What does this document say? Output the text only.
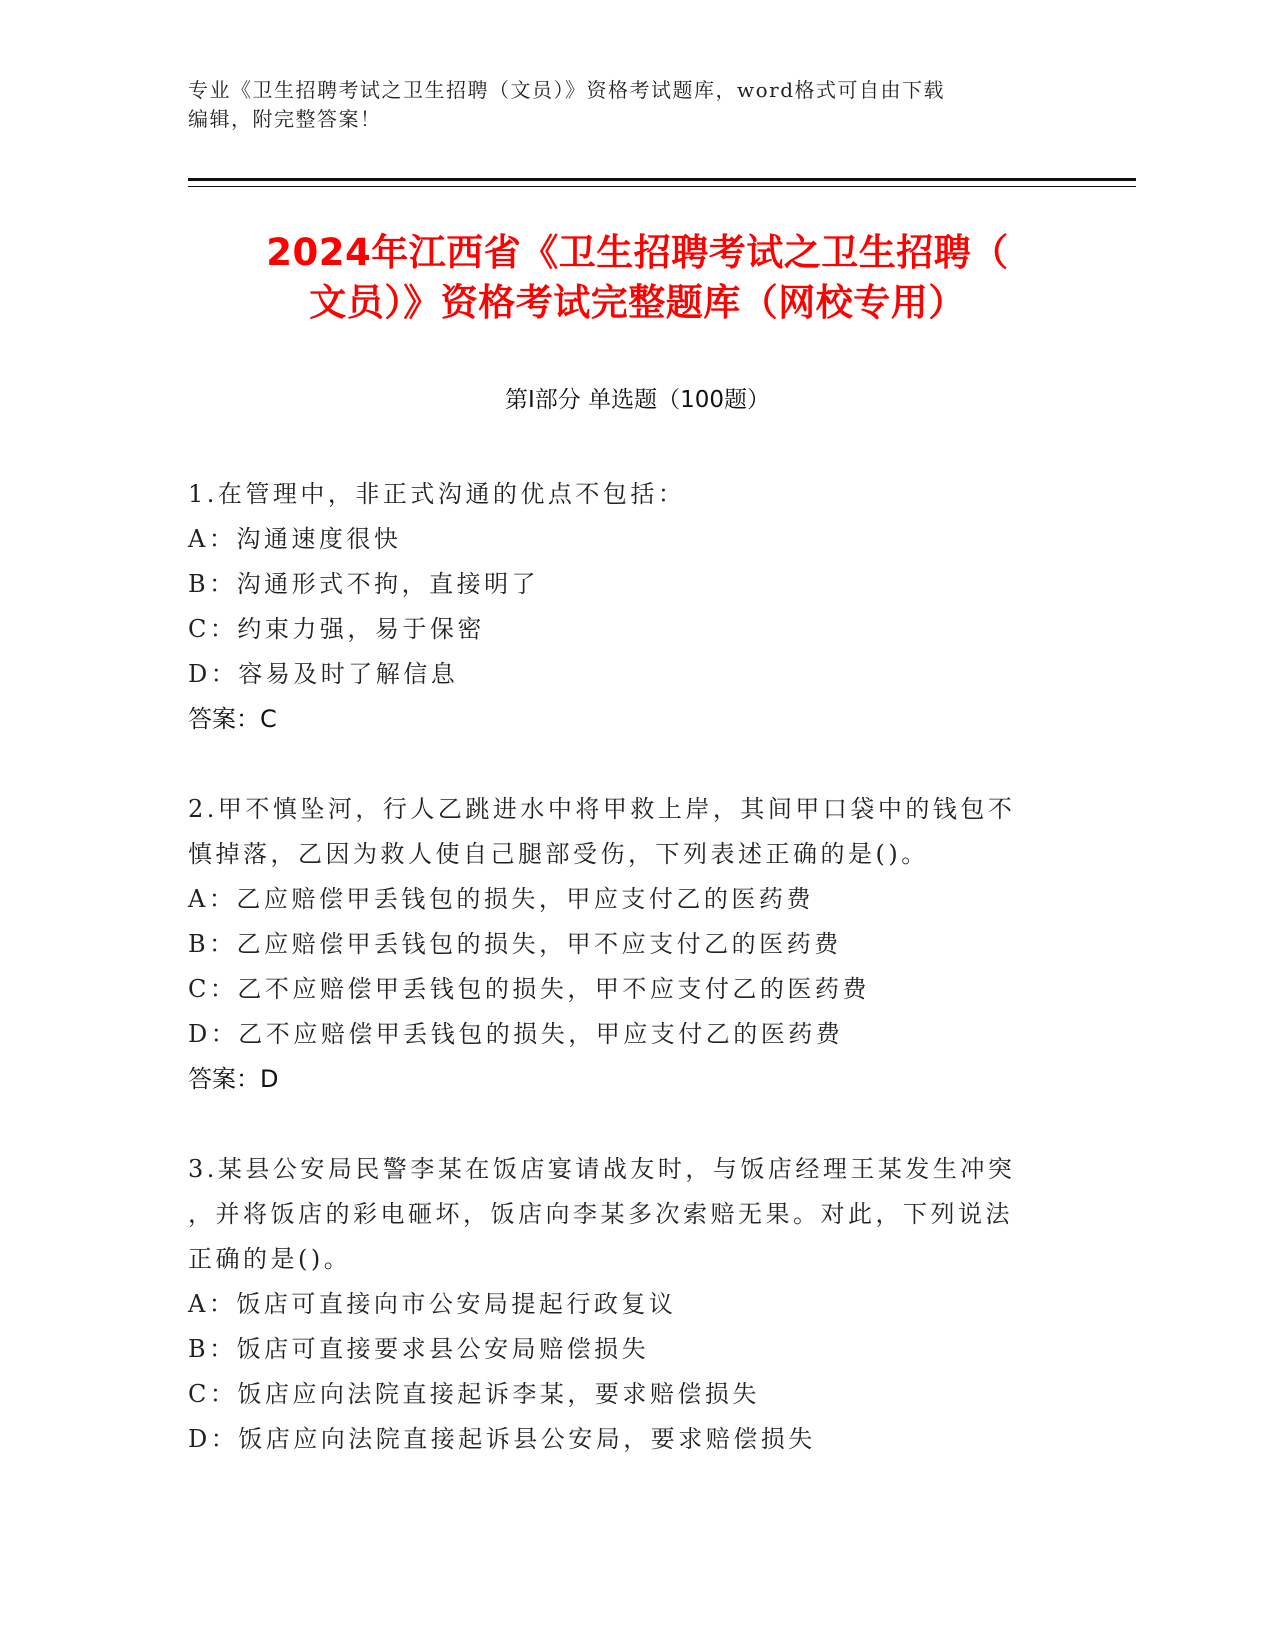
专业《卫生招聘考试之卫生招聘（文员）》资格考试题库，word格式可自由下载
编辑，附完整答案！
2024年江西省《卫生招聘考试之卫生招聘（
文员）》资格考试完整题库（网校专用）
第Ⅰ部分 单选题（100题）
1.在管理中，非正式沟通的优点不包括：
A：沟通速度很快
B：沟通形式不拘，直接明了
C：约束力强，易于保密
D：容易及时了解信息
答案：C
2.甲不慎坠河，行人乙跳进水中将甲救上岸，其间甲口袋中的钱包不
慎掉落，乙因为救人使自己腿部受伤，下列表述正确的是()。
A：乙应赔偿甲丢钱包的损失，甲应支付乙的医药费
B：乙应赔偿甲丢钱包的损失，甲不应支付乙的医药费
C：乙不应赔偿甲丢钱包的损失，甲不应支付乙的医药费
D：乙不应赔偿甲丢钱包的损失，甲应支付乙的医药费
答案：D
3.某县公安局民警李某在饭店宴请战友时，与饭店经理王某发生冲突
，并将饭店的彩电砸坏，饭店向李某多次索赔无果。对此，下列说法
正确的是()。
A：饭店可直接向市公安局提起行政复议
B：饭店可直接要求县公安局赔偿损失
C：饭店应向法院直接起诉李某，要求赔偿损失
D：饭店应向法院直接起诉县公安局，要求赔偿损失
